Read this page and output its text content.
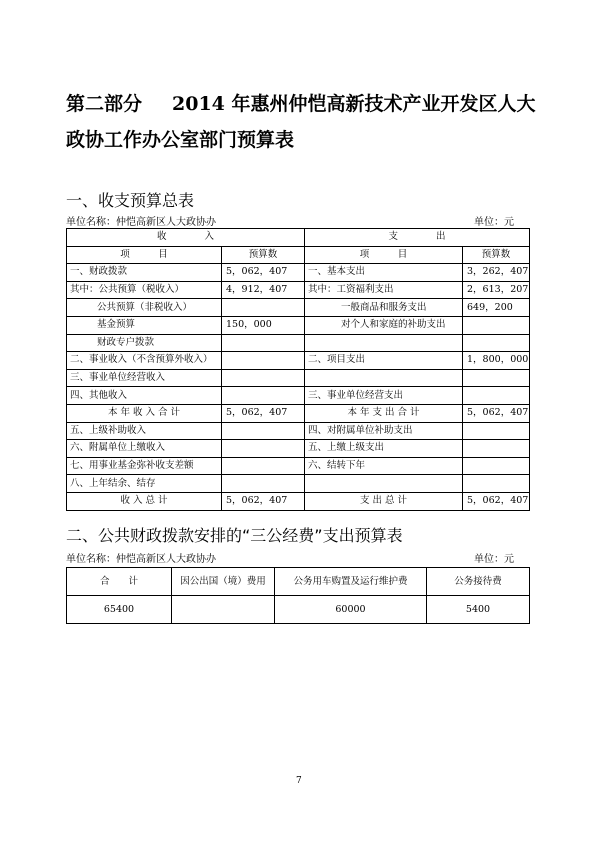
第二部分 2014 年惠州仲恺高新技术产业开发区人大
政协工作办公室部门预算表
一、收支预算总表
单位名称：仲恺高新区人大政协办	单位：元
收　　　　入		支　　　　出	
项　　　目	预算数	项　　　目	预算数
一、财政拨款	5，062，407	一、基本支出	3，262，407
其中：公共预算（税收入）	4，912，407	其中：工资福利支出	2，613，207
公共预算（非税收入）		一般商品和服务支出	649，200
基金预算	150，000	对个人和家庭的补助支出	
财政专户拨款			
二、事业收入（不含预算外收入）		二、项目支出	1，800，000
三、事业单位经营收入			
四、其他收入		三、事业单位经营支出	
本 年 收 入 合 计	5，062，407	本 年 支 出 合 计	5，062，407
五、上级补助收入		四、对附属单位补助支出	
六、附属单位上缴收入		五、上缴上级支出	
七、用事业基金弥补收支差额		六、结转下年	
八、上年结余、结存			
收 入 总 计	5，062，407	支 出 总 计	5，062，407
二、公共财政拨款安排的“三公经费”支出预算表
单位名称：仲恺高新区人大政协办	单位：元
合　　计	因公出国（境）费用	公务用车购置及运行维护费	公务接待费
65400		60000	5400
7
